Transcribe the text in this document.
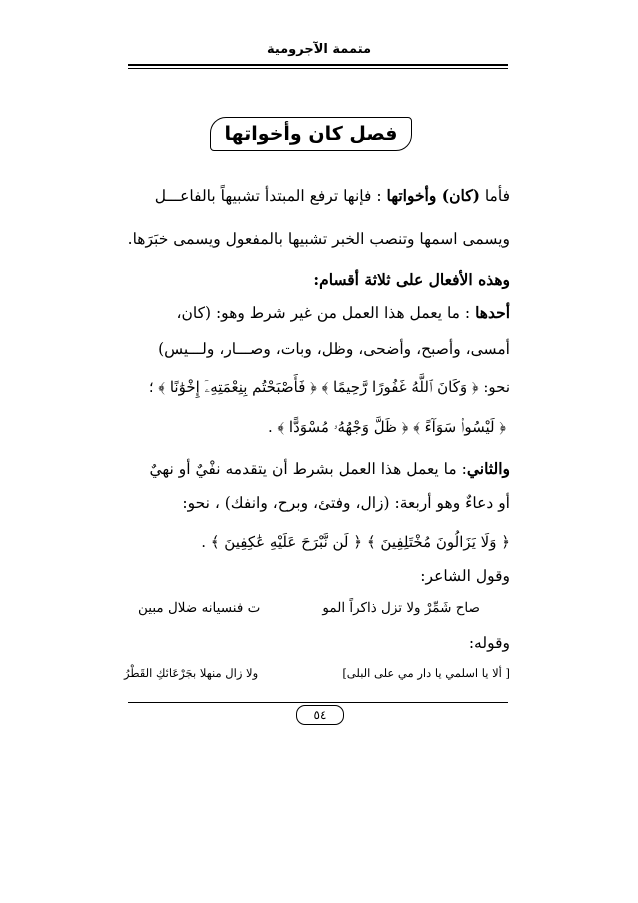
متممة الآجرومية
فصل كان وأخواتها
فأما (كان) وأخواتها : فإنها ترفع المبتدأ تشبيهاً بالفاعـــل
ويسمى اسمها وتنصب الخبر تشبيها بالمفعول ويسمى خبَرَها.
وهذه الأفعال على ثلاثة أقسام:
أحدها : ما يعمل هذا العمل من غير شرط وهو: (كان،
أمسى، وأصبح، وأضحى، وظل، وبات، وصـــار، ولـــيس)
نحو: ﴿ وَكَانَ ٱللَّهُ غَفُورًا رَّحِيمًا ﴾ ﴿ فَأَصْبَحْتُم بِنِعْمَتِهِۦٓ إِخْوَٰنًا ﴾ ؛
﴿ لَيْسُوا۟ سَوَآءً ﴾ ﴿ ظَلَّ وَجْهُهُۥ مُسْوَدًّا ﴾ .
والثاني: ما يعمل هذا العمل بشرط أن يتقدمه نفْيٌ أو نهيٌ
أو دعاءٌ وهو أربعة: (زال، وفتئ، وبرح، وانفك) ، نحو:
﴿ وَلَا يَزَالُونَ مُخْتَلِفِينَ ﴾ ﴿ لَن نَّبْرَحَ عَلَيْهِ عَٰكِفِينَ ﴾ .
وقول الشاعر:
صاح شَمِّرْ ولا تزل ذاكراً المو
ت فنسيانه ضلال مبين
وقوله:
[ ألا يا اسلمي يا دار مي على البلى]
ولا زال منهلا بجَرْعَائكِ القَطْرُ
٥٤
